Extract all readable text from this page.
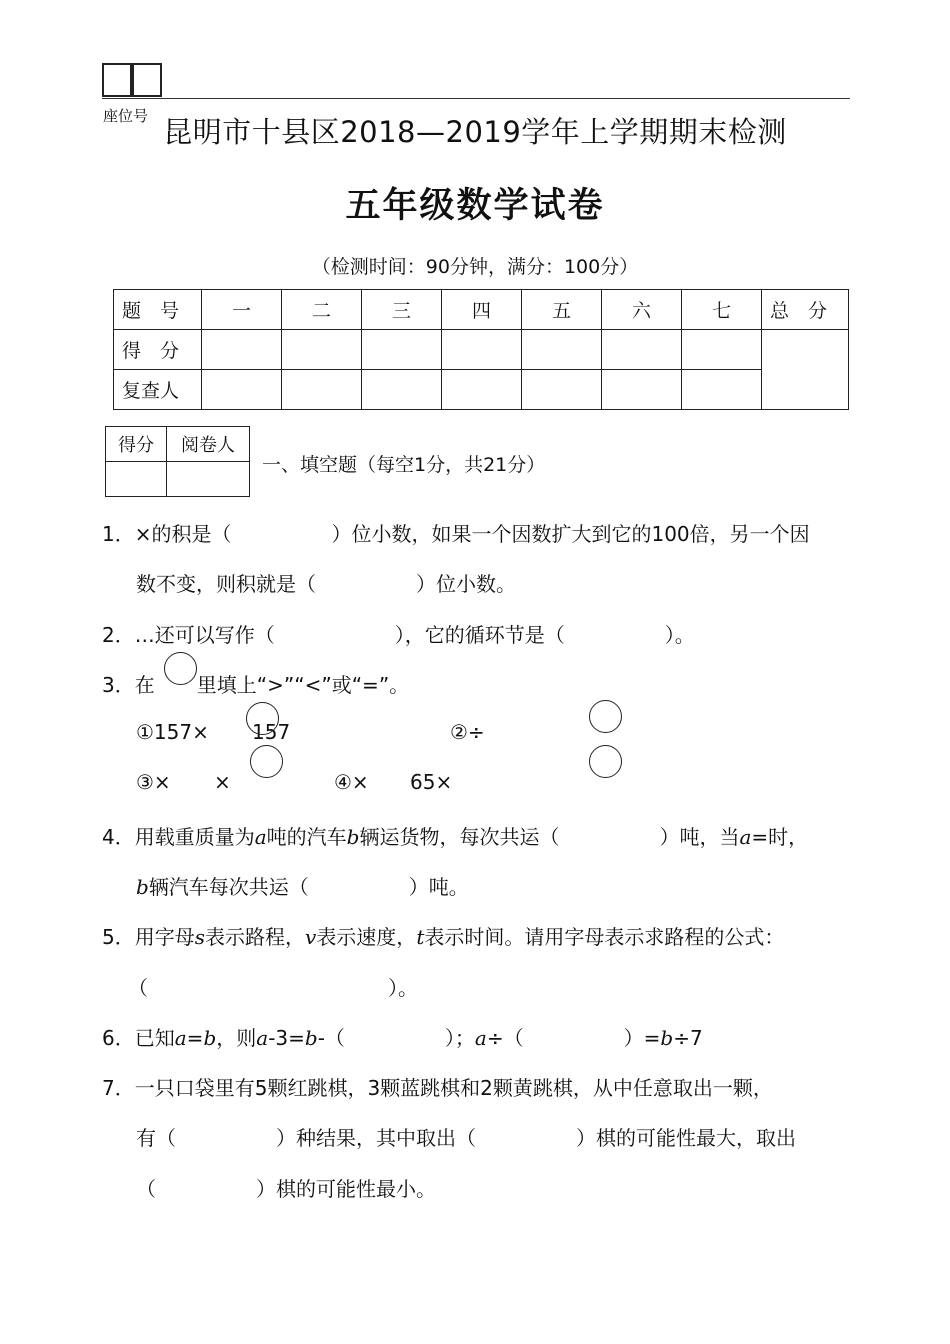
座位号 昆明市十县区2018—2019学年上学期期末检测
五年级数学试卷
（检测时间：90分钟，满分：100分）
题　号	一	二	三	四	五	六	七	总　分
得　分								
复查人								
得分	阅卷人

一、填空题（每空1分，共21分）
1．×的积是（　　　　　）位小数，如果一个因数扩大到它的100倍，另一个因
数不变，则积就是（　　　　　）位小数。
2．…还可以写作（　　　　　　），它的循环节是（　　　　　）。
3．在 里填上“>”“<”或“=”。
①157× 157	②÷
③× ×	④× 65×
4．用载重质量为a吨的汽车b辆运货物，每次共运（　　　　　）吨，当a=时，
b辆汽车每次共运（　　　　　）吨。
5．用字母s表示路程，v表示速度，t表示时间。请用字母表示求路程的公式：
（　　　　　　　　　　　　）。
6．已知a=b，则a-3=b-（　　　　　）；a÷（　　　　　）=b÷7
7．一只口袋里有5颗红跳棋，3颗蓝跳棋和2颗黄跳棋，从中任意取出一颗，
有（　　　　　）种结果，其中取出（　　　　　）棋的可能性最大，取出
（　　　　　）棋的可能性最小。
